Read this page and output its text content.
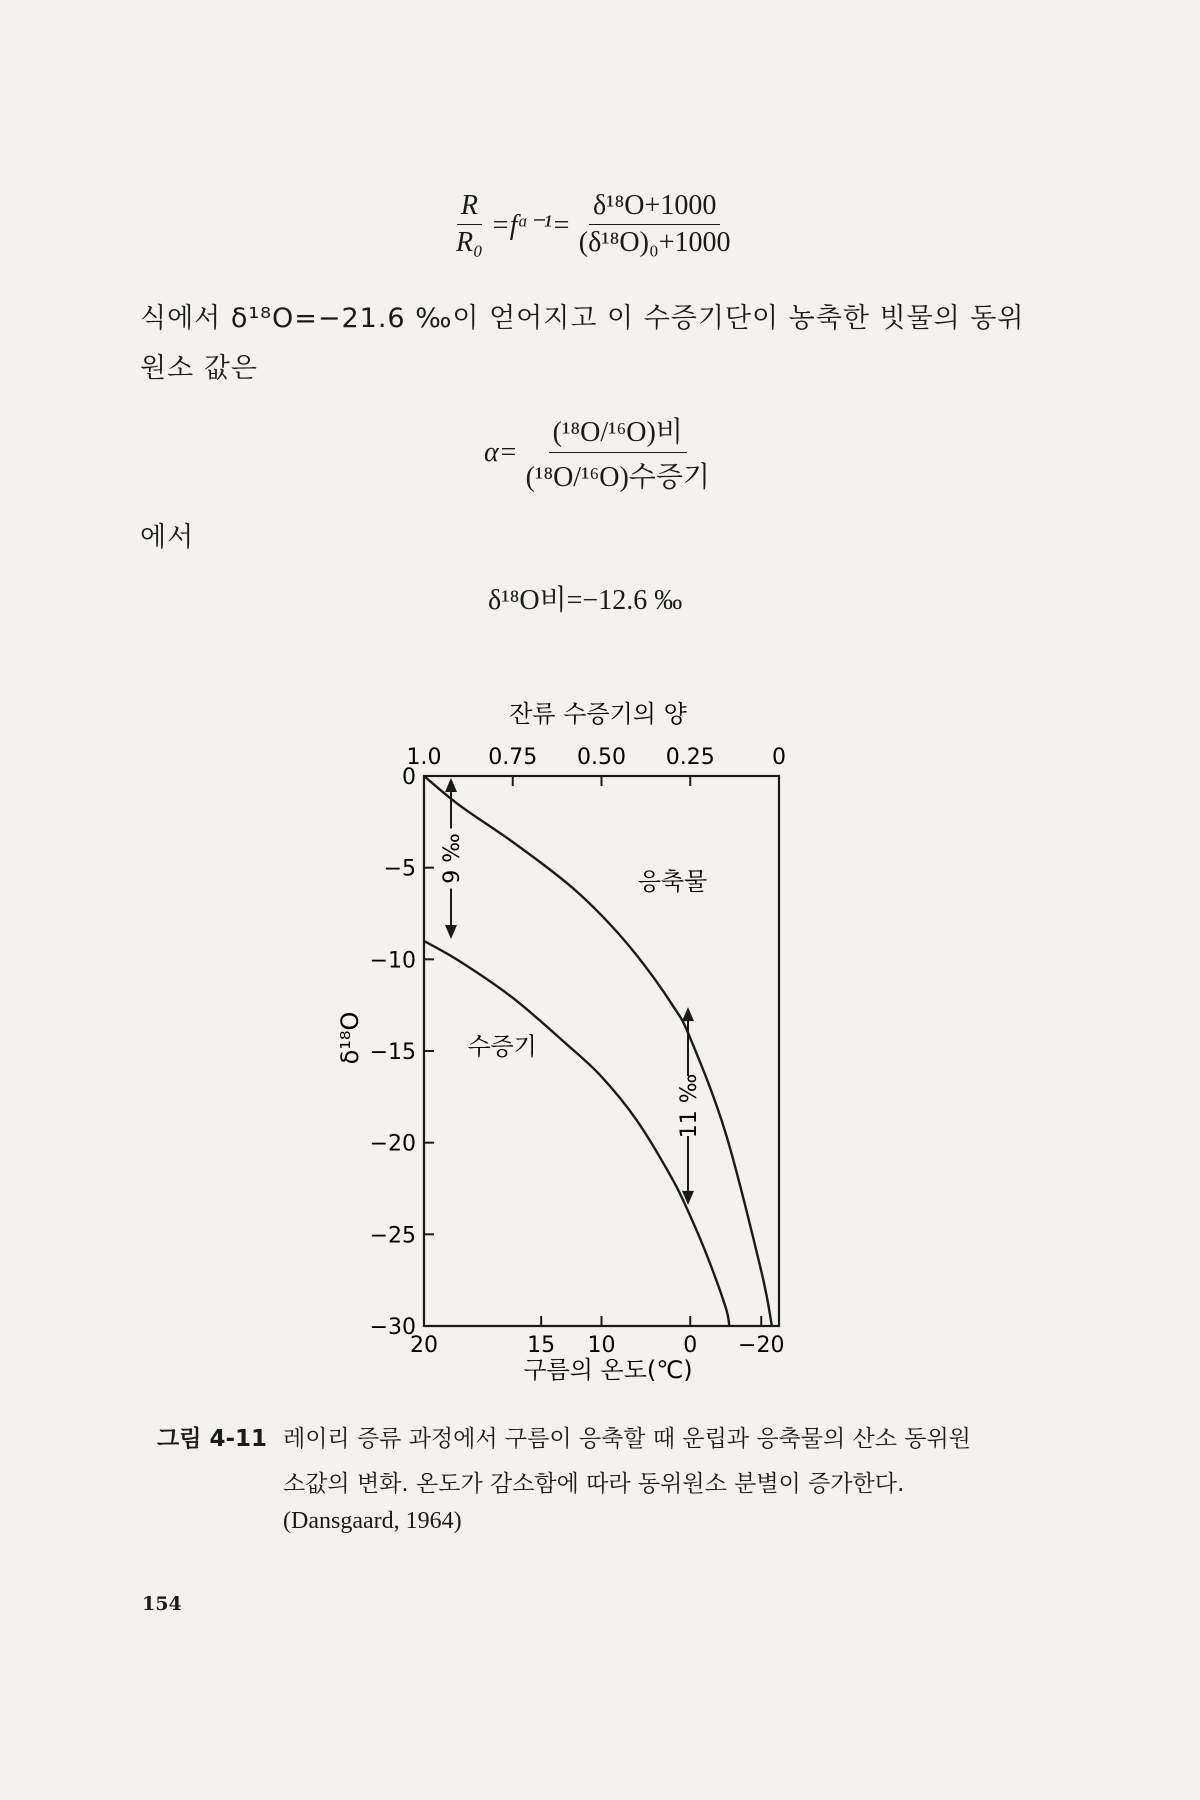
$\frac{R}{\text{R₀}}$ =fᵅ⁻¹= $\frac{\text{δ¹⁸O+1000}}{\text{(δ¹⁸O)₀+1000}}$
식에서 δ¹⁸O=−21.6 ‰이 얻어지고 이 수증기단이 농축한 빗물의 동위
원소 값은
$\alpha= \frac{\text{(¹⁸O/¹⁶O)비}}{\text{(¹⁸O/¹⁶O)수증기}}$
에서
δ¹⁸O비=−12.6 ‰
잔류 수증기의 양
1.0 0.75 0.50 0.25	0
20	15 10	0 −20
0
−5
−10
−15
−20
−25
−30
응축물
수증기
9 ‰
11 ‰
구름의 온도(℃)
δ¹⁸O
그림 4-11 레이리 증류 과정에서 구름이 응축할 때 운립과 응축물의 산소 동위원
소값의 변화. 온도가 감소함에 따라 동위원소 분별이 증가한다.
(Dansgaard, 1964)
154
